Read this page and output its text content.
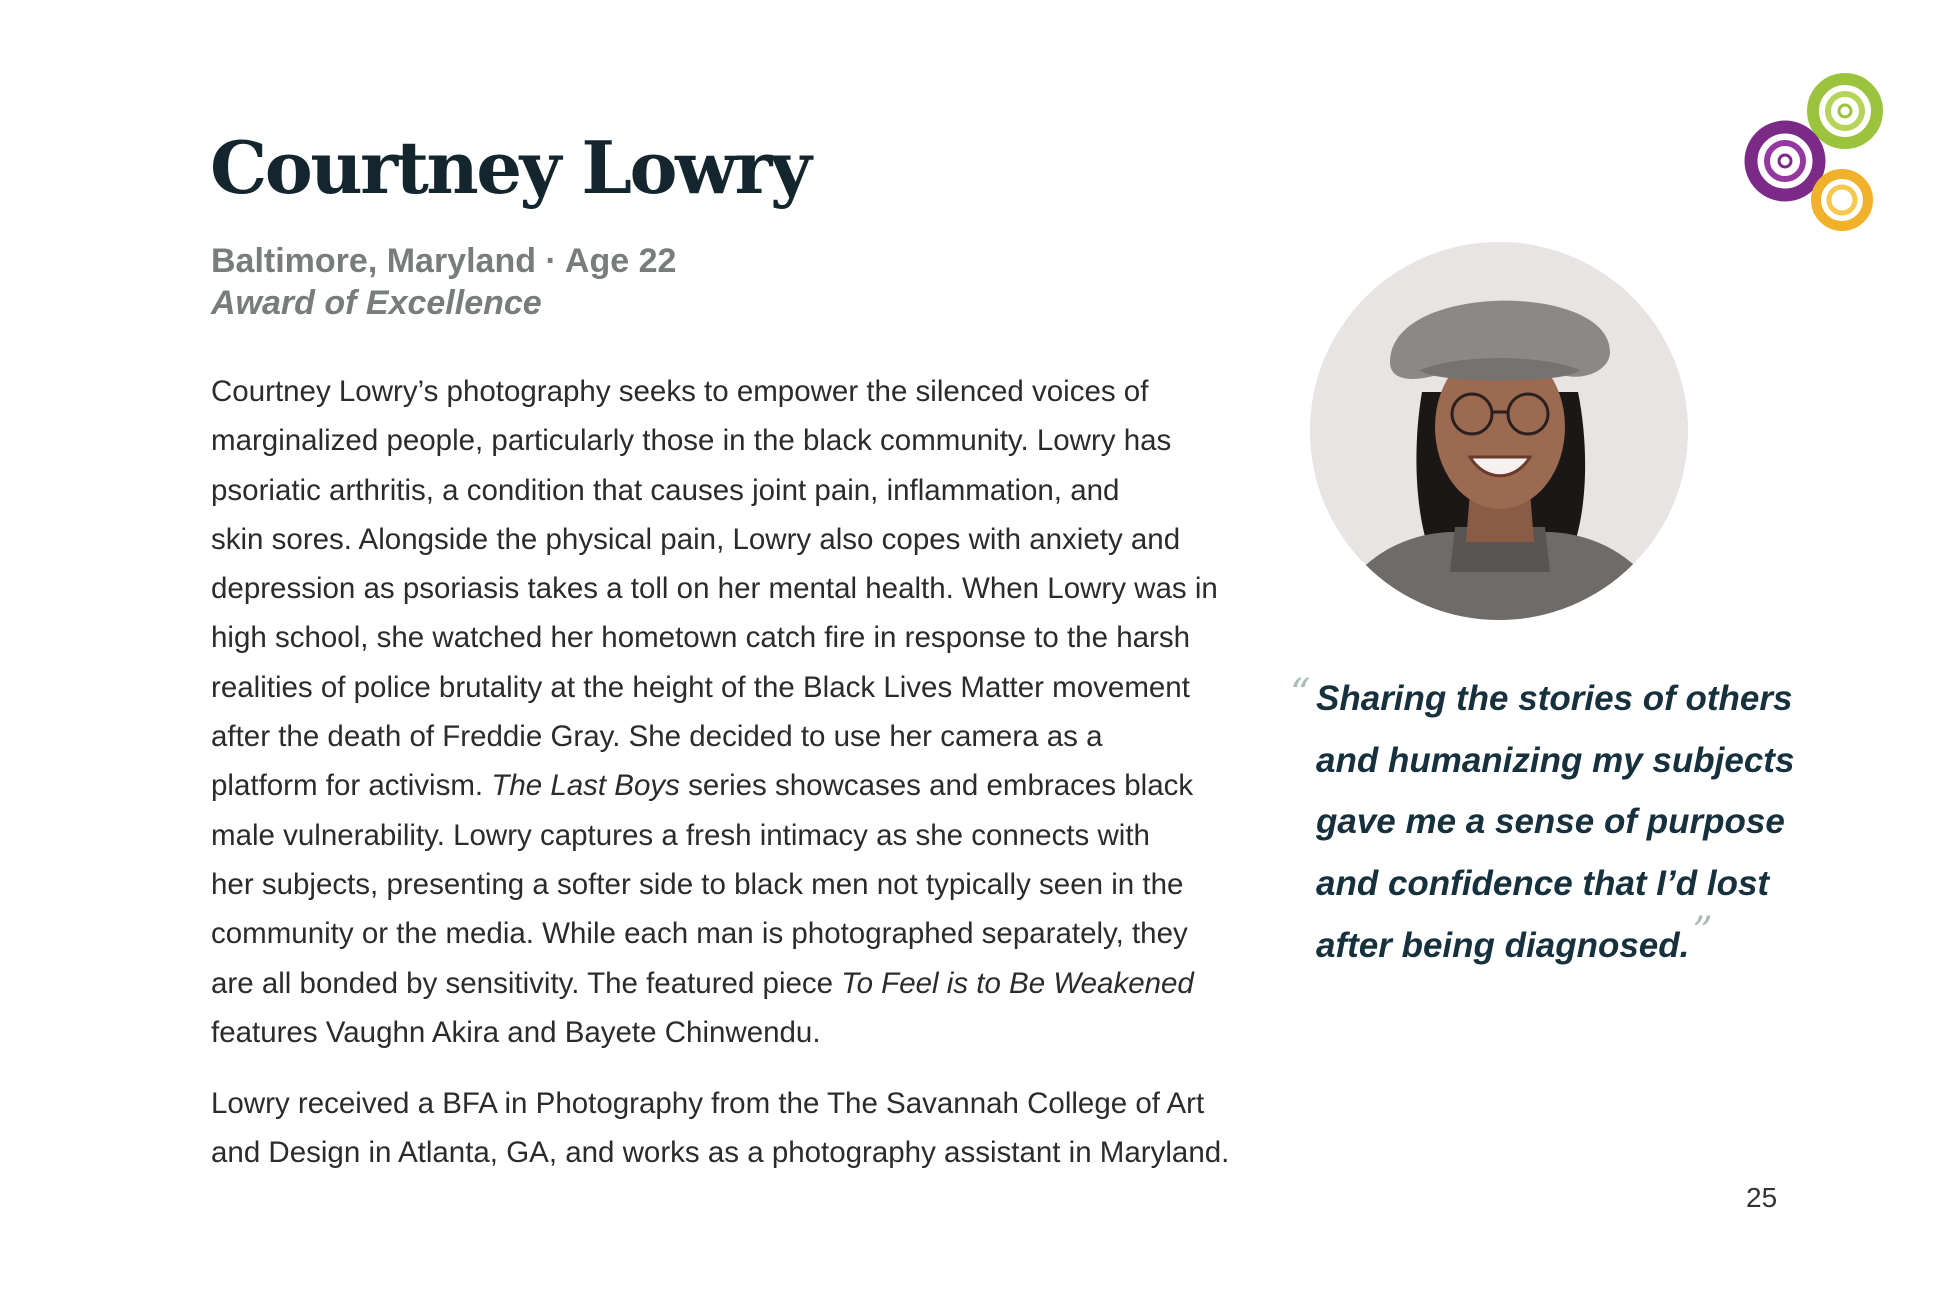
Courtney Lowry
Baltimore, Maryland · Age 22
Award of Excellence

Courtney Lowry’s photography seeks to empower the silenced voices of
marginalized people, particularly those in the black community. Lowry has
psoriatic arthritis, a condition that causes joint pain, inflammation, and
skin sores. Alongside the physical pain, Lowry also copes with anxiety and
depression as psoriasis takes a toll on her mental health. When Lowry was in
high school, she watched her hometown catch fire in response to the harsh
realities of police brutality at the height of the Black Lives Matter movement
after the death of Freddie Gray. She decided to use her camera as a
platform for activism. The Last Boys series showcases and embraces black
male vulnerability. Lowry captures a fresh intimacy as she connects with
her subjects, presenting a softer side to black men not typically seen in the
community or the media. While each man is photographed separately, they
are all bonded by sensitivity. The featured piece To Feel is to Be Weakened
features Vaughn Akira and Bayete Chinwendu.

Lowry received a BFA in Photography from the The Savannah College of Art
and Design in Atlanta, GA, and works as a photography assistant in Maryland.

“ Sharing the stories of others
and humanizing my subjects
gave me a sense of purpose
and confidence that I’d lost
after being diagnosed.”
25
